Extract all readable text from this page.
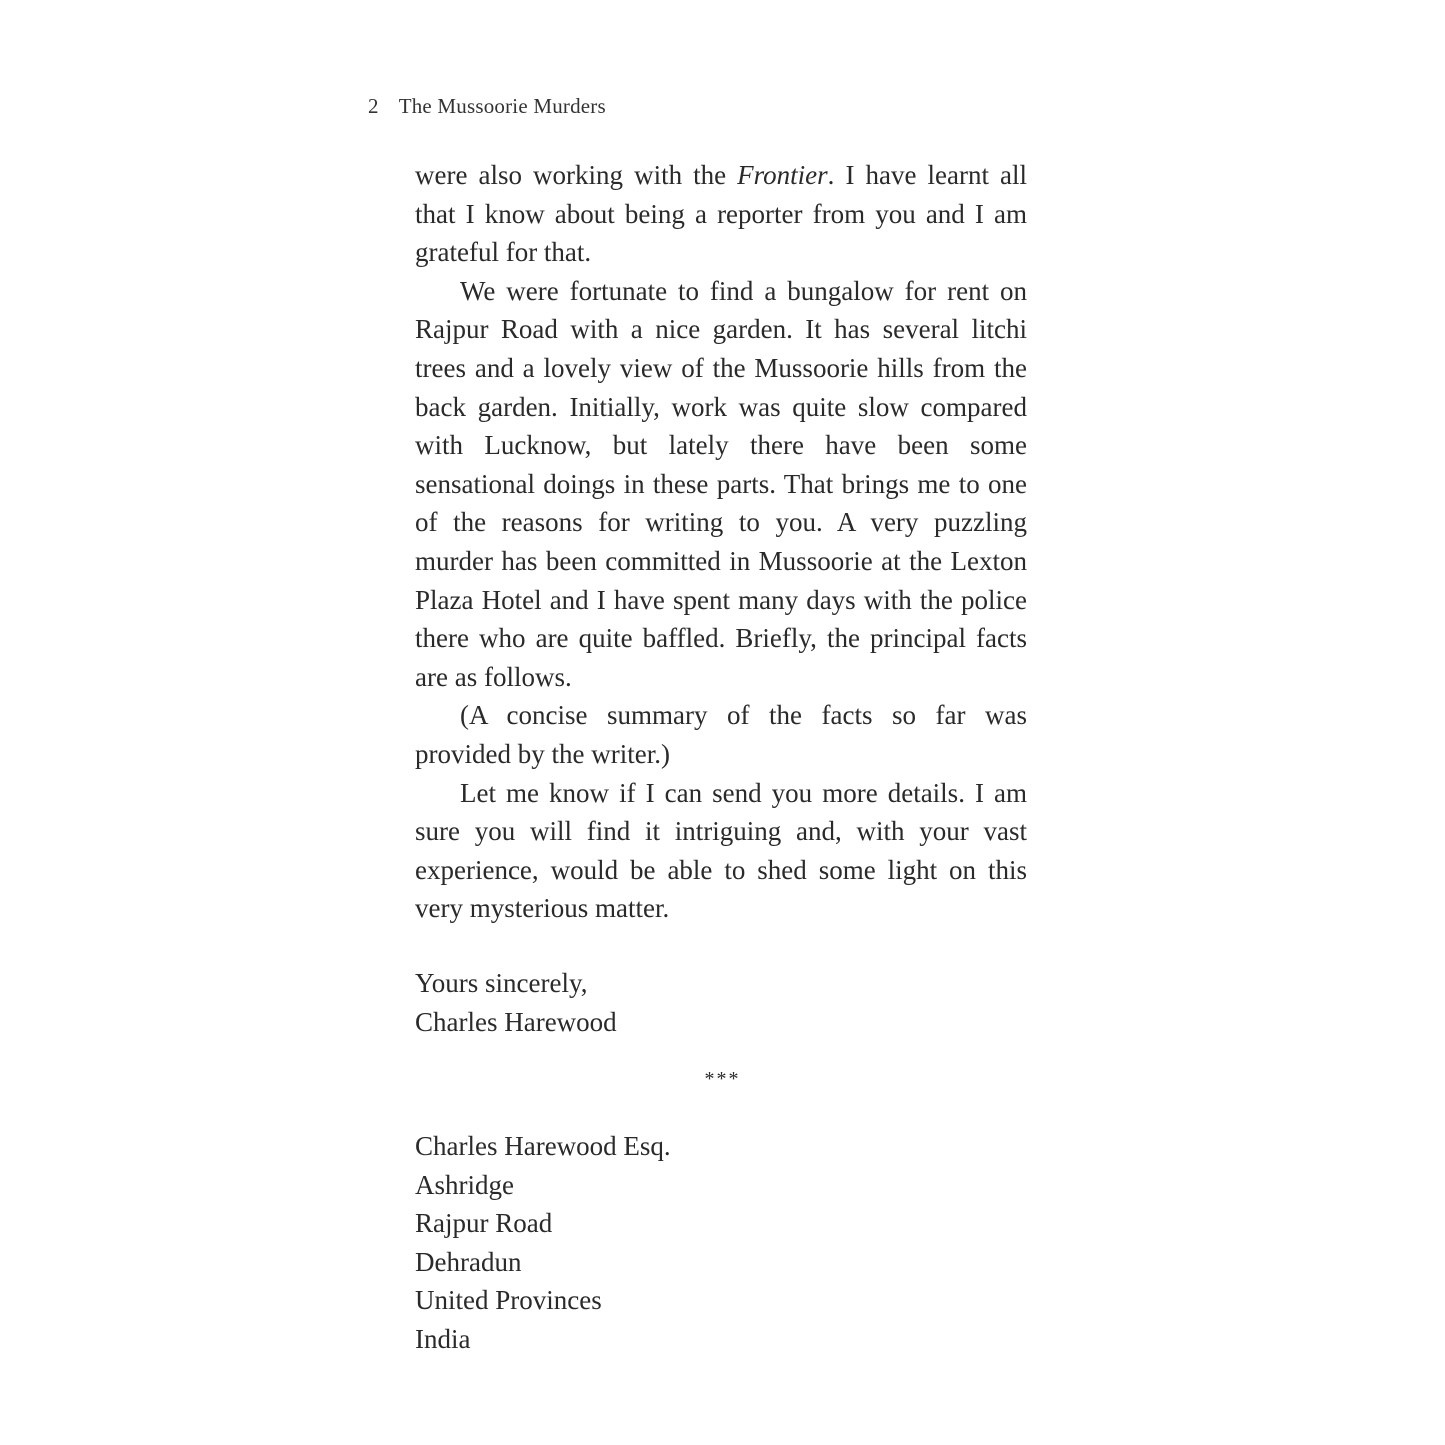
2 The Mussoorie Murders

were also working with the Frontier. I have learnt all that I know about being a reporter from you and I am grateful for that.

We were fortunate to find a bungalow for rent on Rajpur Road with a nice garden. It has several litchi trees and a lovely view of the Mussoorie hills from the back garden. Initially, work was quite slow compared with Lucknow, but lately there have been some sensational doings in these parts. That brings me to one of the reasons for writing to you. A very puzzling murder has been committed in Mussoorie at the Lexton Plaza Hotel and I have spent many days with the police there who are quite baffled. Briefly, the principal facts are as follows.

(A concise summary of the facts so far was provided by the writer.)

Let me know if I can send you more details. I am sure you will find it intriguing and, with your vast experience, would be able to shed some light on this very mysterious matter.

Yours sincerely,
Charles Harewood
***
Charles Harewood Esq.
Ashridge
Rajpur Road
Dehradun
United Provinces
India
